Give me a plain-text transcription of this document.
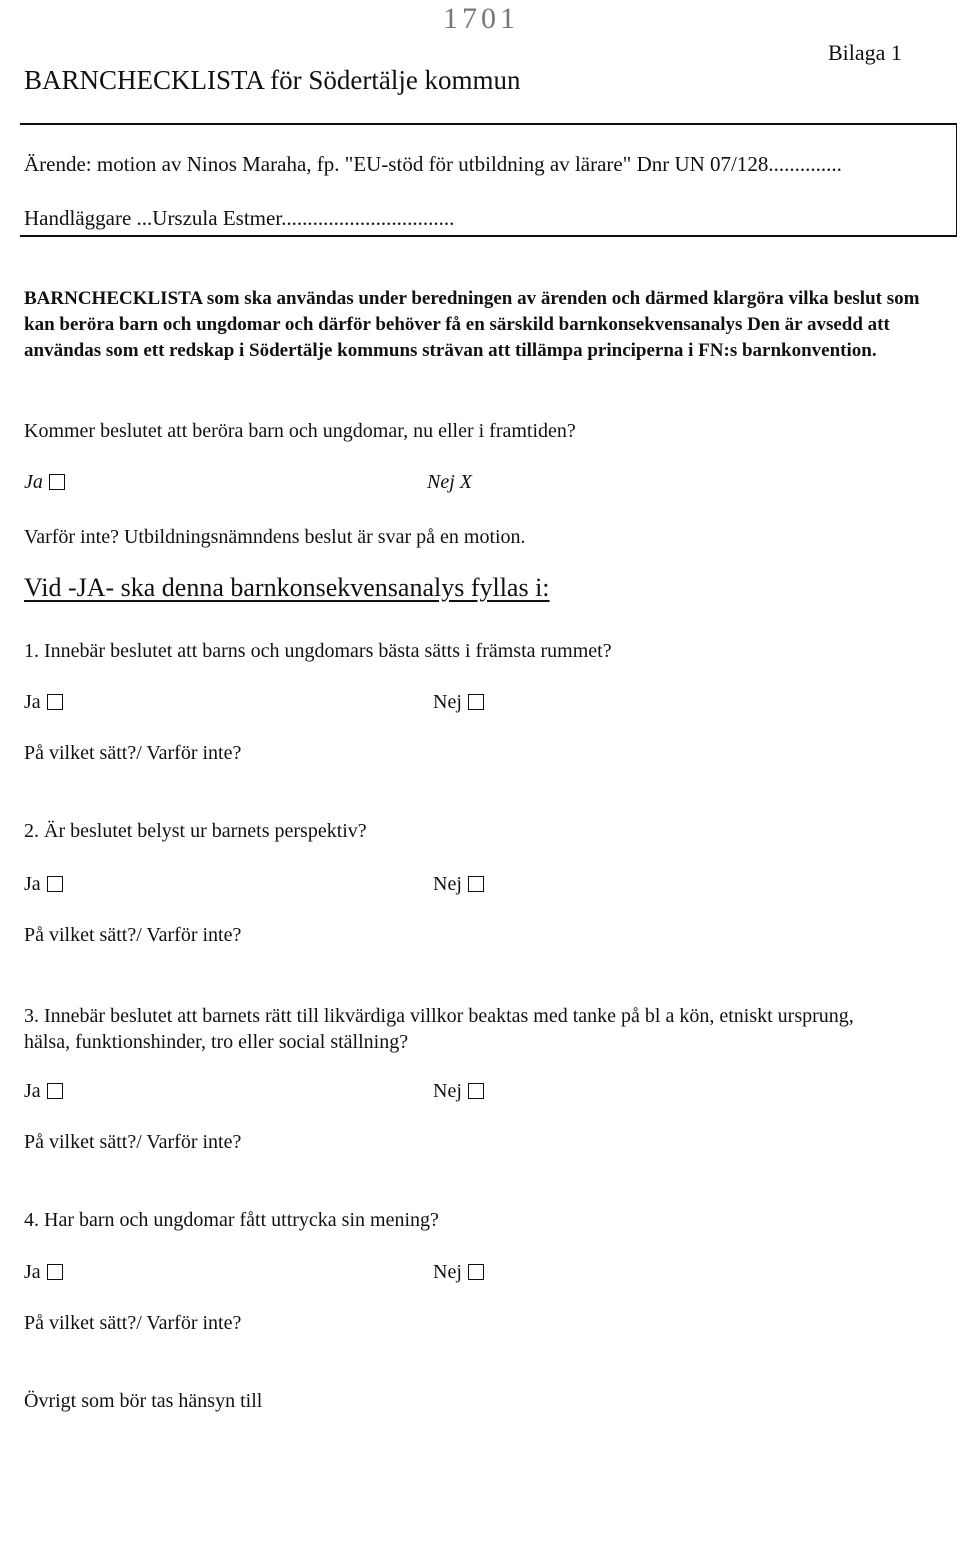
1701
Bilaga 1
BARNCHECKLISTA för Södertälje kommun
Ärende: motion av Ninos Maraha, fp. "EU-stöd för utbildning av lärare" Dnr UN 07/128..............
Handläggare ...Urszula Estmer.................................
BARNCHECKLISTA som ska användas under beredningen av ärenden och därmed klargöra vilka beslut som kan beröra barn och ungdomar och därför behöver få en särskild barnkonsekvensanalys Den är avsedd att användas som ett redskap i Södertälje kommuns strävan att tillämpa principerna i FN:s barnkonvention.
Kommer beslutet att beröra barn och ungdomar, nu eller i framtiden?
Ja	Nej X
Varför inte? Utbildningsnämndens beslut är svar på en motion.
Vid -JA- ska denna barnkonsekvensanalys fyllas i:
1. Innebär beslutet att barns och ungdomars bästa sätts i främsta rummet?
Ja	Nej
På vilket sätt?/ Varför inte?
2. Är beslutet belyst ur barnets perspektiv?
Ja	Nej
På vilket sätt?/ Varför inte?
3. Innebär beslutet att barnets rätt till likvärdiga villkor beaktas med tanke på bl a kön, etniskt ursprung, hälsa, funktionshinder, tro eller social ställning?
Ja	Nej
På vilket sätt?/ Varför inte?
4. Har barn och ungdomar fått uttrycka sin mening?
Ja	Nej
På vilket sätt?/ Varför inte?
Övrigt som bör tas hänsyn till
